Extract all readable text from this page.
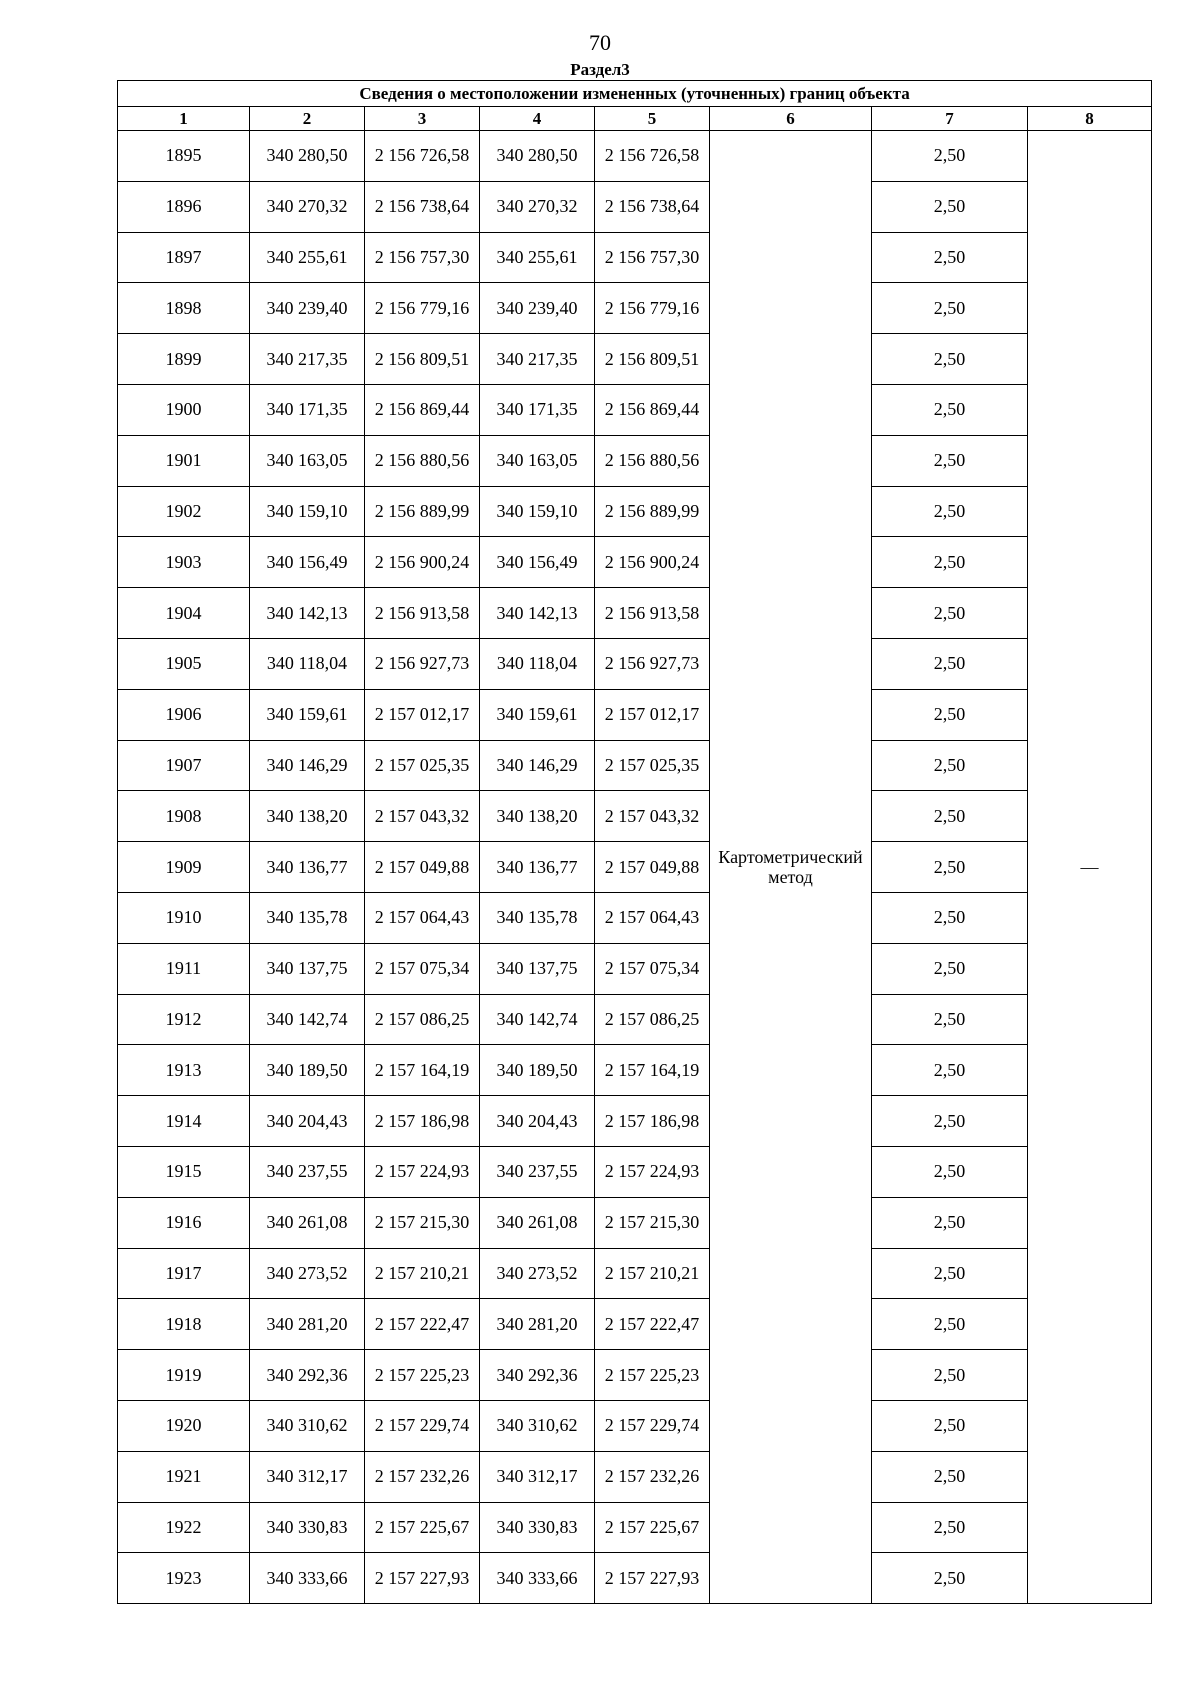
70
Раздел3
Сведения о местоположении измененных (уточненных) границ объекта							
1	2	3	4	5	6	7	8
1895	340 280,50	2 156 726,58	340 280,50	2 156 726,58	Картометрический метод	2,50	—
1896	340 270,32	2 156 738,64	340 270,32	2 156 738,64		2,50	
1897	340 255,61	2 156 757,30	340 255,61	2 156 757,30		2,50	
1898	340 239,40	2 156 779,16	340 239,40	2 156 779,16		2,50	
1899	340 217,35	2 156 809,51	340 217,35	2 156 809,51		2,50	
1900	340 171,35	2 156 869,44	340 171,35	2 156 869,44		2,50	
1901	340 163,05	2 156 880,56	340 163,05	2 156 880,56		2,50	
1902	340 159,10	2 156 889,99	340 159,10	2 156 889,99		2,50	
1903	340 156,49	2 156 900,24	340 156,49	2 156 900,24		2,50	
1904	340 142,13	2 156 913,58	340 142,13	2 156 913,58		2,50	
1905	340 118,04	2 156 927,73	340 118,04	2 156 927,73		2,50	
1906	340 159,61	2 157 012,17	340 159,61	2 157 012,17		2,50	
1907	340 146,29	2 157 025,35	340 146,29	2 157 025,35		2,50	
1908	340 138,20	2 157 043,32	340 138,20	2 157 043,32		2,50	
1909	340 136,77	2 157 049,88	340 136,77	2 157 049,88		2,50	
1910	340 135,78	2 157 064,43	340 135,78	2 157 064,43		2,50	
1911	340 137,75	2 157 075,34	340 137,75	2 157 075,34		2,50	
1912	340 142,74	2 157 086,25	340 142,74	2 157 086,25		2,50	
1913	340 189,50	2 157 164,19	340 189,50	2 157 164,19		2,50	
1914	340 204,43	2 157 186,98	340 204,43	2 157 186,98		2,50	
1915	340 237,55	2 157 224,93	340 237,55	2 157 224,93		2,50	
1916	340 261,08	2 157 215,30	340 261,08	2 157 215,30		2,50	
1917	340 273,52	2 157 210,21	340 273,52	2 157 210,21		2,50	
1918	340 281,20	2 157 222,47	340 281,20	2 157 222,47		2,50	
1919	340 292,36	2 157 225,23	340 292,36	2 157 225,23		2,50	
1920	340 310,62	2 157 229,74	340 310,62	2 157 229,74		2,50	
1921	340 312,17	2 157 232,26	340 312,17	2 157 232,26		2,50	
1922	340 330,83	2 157 225,67	340 330,83	2 157 225,67		2,50	
1923	340 333,66	2 157 227,93	340 333,66	2 157 227,93		2,50	
